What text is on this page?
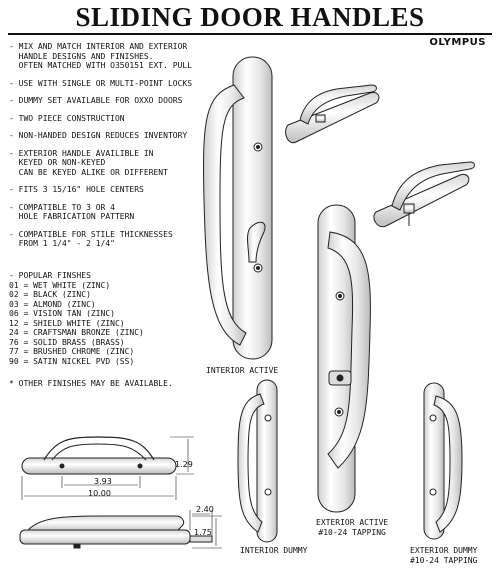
SLIDING DOOR HANDLES
OLYMPUS
- MIX AND MATCH INTERIOR AND EXTERIOR
HANDLE DESIGNS AND FINISHES.
OFTEN MATCHED WITH O350151 EXT. PULL
- USE WITH SINGLE OR MULTI-POINT LOCKS
- DUMMY SET AVAILABLE FOR OXXO DOORS
- TWO PIECE CONSTRUCTION
- NON-HANDED DESIGN REDUCES INVENTORY
- EXTERIOR HANDLE AVAILIBLE IN
KEYED OR NON-KEYED
CAN BE KEYED ALIKE OR DIFFERENT
- FITS 3 15/16" HOLE CENTERS
- COMPATIBLE TO 3 OR 4
HOLE FABRICATION PATTERN
- COMPATIBLE FOR STILE THICKNESSES
FROM 1 1/4" - 2 1/4"
- POPULAR FINSHES
01 = WET WHITE (ZINC)
02 = BLACK (ZINC)
03 = ALMOND (ZINC)
06 = VISION TAN (ZINC)
12 = SHIELD WHITE (ZINC)
24 = CRAFTSMAN BRONZE (ZINC)
76 = SOLID BRASS (BRASS)
77 = BRUSHED CHROME (ZINC)
90 = SATIN NICKEL PVD (SS)
* OTHER FINISHES MAY BE AVAILABLE.
INTERIOR ACTIVE
INTERIOR DUMMY
EXTERIOR ACTIVE
#10-24 TAPPING
EXTERIOR DUMMY
#10-24 TAPPING
1.29
3.93
10.00
2.40
1.75
